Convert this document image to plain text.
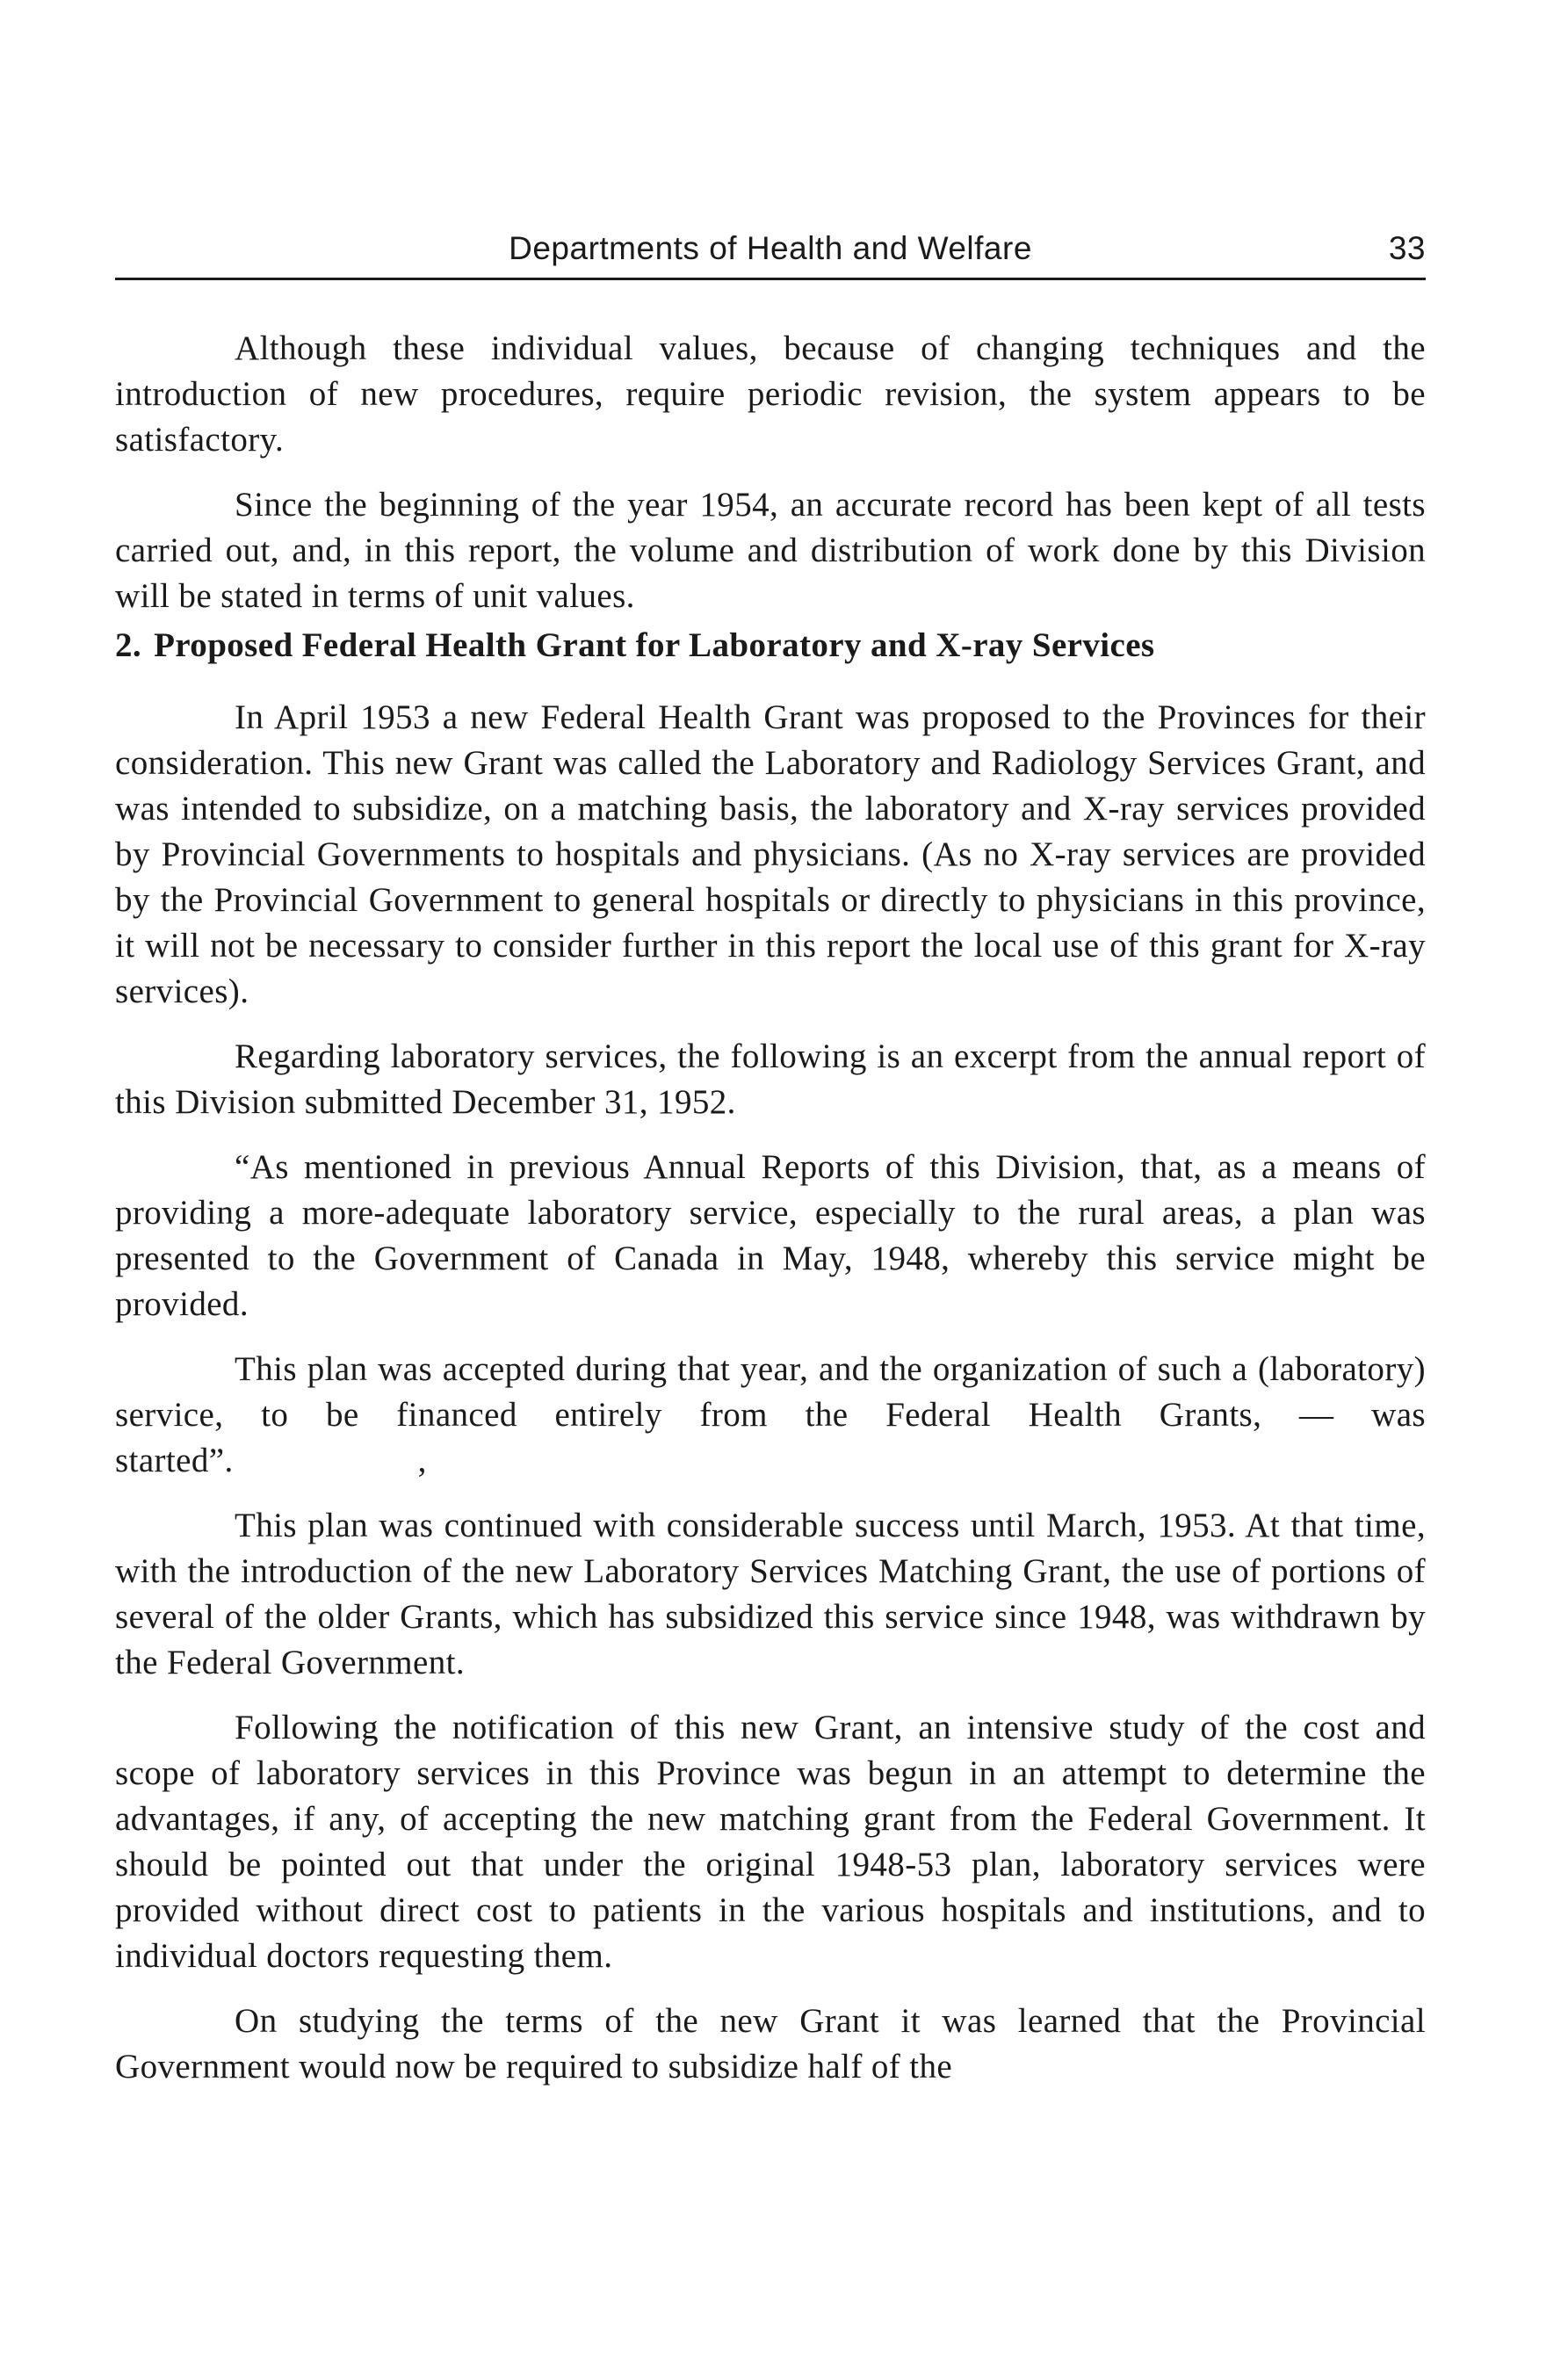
Departments of Health and Welfare	33

Although these individual values, because of changing techniques and the introduction of new procedures, require periodic revision, the system appears to be satisfactory.

Since the beginning of the year 1954, an accurate record has been kept of all tests carried out, and, in this report, the volume and distribution of work done by this Division will be stated in terms of unit values.

2. Proposed Federal Health Grant for Laboratory and X-ray Services

In April 1953 a new Federal Health Grant was proposed to the Provinces for their consideration. This new Grant was called the Laboratory and Radiology Services Grant, and was intended to subsidize, on a matching basis, the laboratory and X-ray services provided by Provincial Governments to hospitals and physicians. (As no X-ray services are provided by the Provincial Government to general hospitals or directly to physicians in this province, it will not be necessary to consider further in this report the local use of this grant for X-ray services).

Regarding laboratory services, the following is an excerpt from the annual report of this Division submitted December 31, 1952.

“As mentioned in previous Annual Reports of this Division, that, as a means of providing a more-adequate laboratory service, especially to the rural areas, a plan was presented to the Government of Canada in May, 1948, whereby this service might be provided.

This plan was accepted during that year, and the organization of such a (laboratory) service, to be financed entirely from the Federal Health Grants, — was started”.	,

This plan was continued with considerable success until March, 1953. At that time, with the introduction of the new Laboratory Services Matching Grant, the use of portions of several of the older Grants, which has subsidized this service since 1948, was withdrawn by the Federal Government.

Following the notification of this new Grant, an intensive study of the cost and scope of laboratory services in this Province was begun in an attempt to determine the advantages, if any, of accepting the new matching grant from the Federal Government. It should be pointed out that under the original 1948-53 plan, laboratory services were provided without direct cost to patients in the various hospitals and institutions, and to individual doctors requesting them.

On studying the terms of the new Grant it was learned that the Provincial Government would now be required to subsidize half of the
